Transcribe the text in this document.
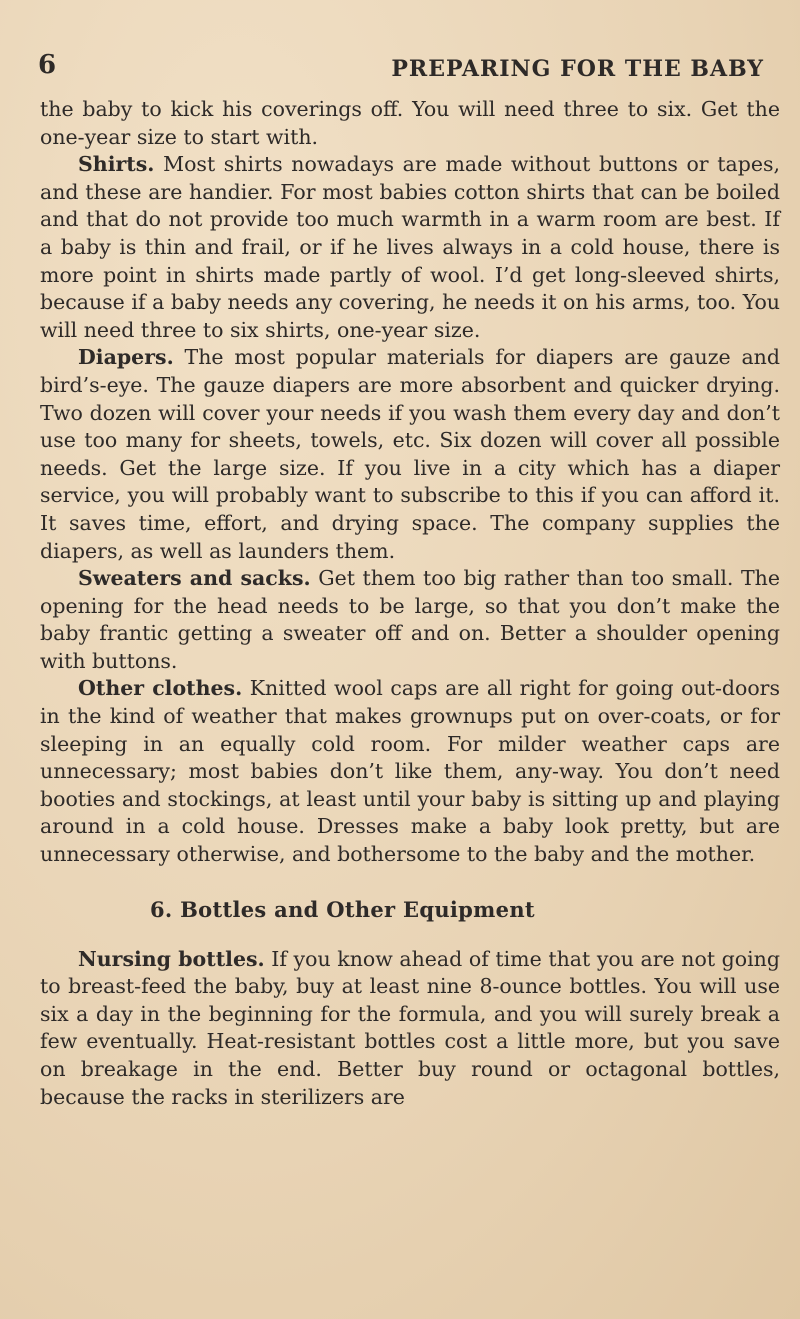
6	PREPARING FOR THE BABY

the baby to kick his coverings off. You will need three to six. Get the one-year size to start with.

Shirts. Most shirts nowadays are made without buttons or tapes, and these are handier. For most babies cotton shirts that can be boiled and that do not provide too much warmth in a warm room are best. If a baby is thin and frail, or if he lives always in a cold house, there is more point in shirts made partly of wool. I’d get long-sleeved shirts, because if a baby needs any covering, he needs it on his arms, too. You will need three to six shirts, one-year size.

Diapers. The most popular materials for diapers are gauze and bird’s-eye. The gauze diapers are more absorbent and quicker drying. Two dozen will cover your needs if you wash them every day and don’t use too many for sheets, towels, etc. Six dozen will cover all possible needs. Get the large size. If you live in a city which has a diaper service, you will probably want to subscribe to this if you can afford it. It saves time, effort, and drying space. The company supplies the diapers, as well as launders them.

Sweaters and sacks. Get them too big rather than too small. The opening for the head needs to be large, so that you don’t make the baby frantic getting a sweater off and on. Better a shoulder opening with buttons.

Other clothes. Knitted wool caps are all right for going out-doors in the kind of weather that makes grownups put on over-coats, or for sleeping in an equally cold room. For milder weather caps are unnecessary; most babies don’t like them, any-way. You don’t need booties and stockings, at least until your baby is sitting up and playing around in a cold house. Dresses make a baby look pretty, but are unnecessary otherwise, and bothersome to the baby and the mother.

6. Bottles and Other Equipment

Nursing bottles. If you know ahead of time that you are not going to breast-feed the baby, buy at least nine 8-ounce bottles. You will use six a day in the beginning for the formula, and you will surely break a few eventually. Heat-resistant bottles cost a little more, but you save on breakage in the end. Better buy round or octagonal bottles, because the racks in sterilizers are
